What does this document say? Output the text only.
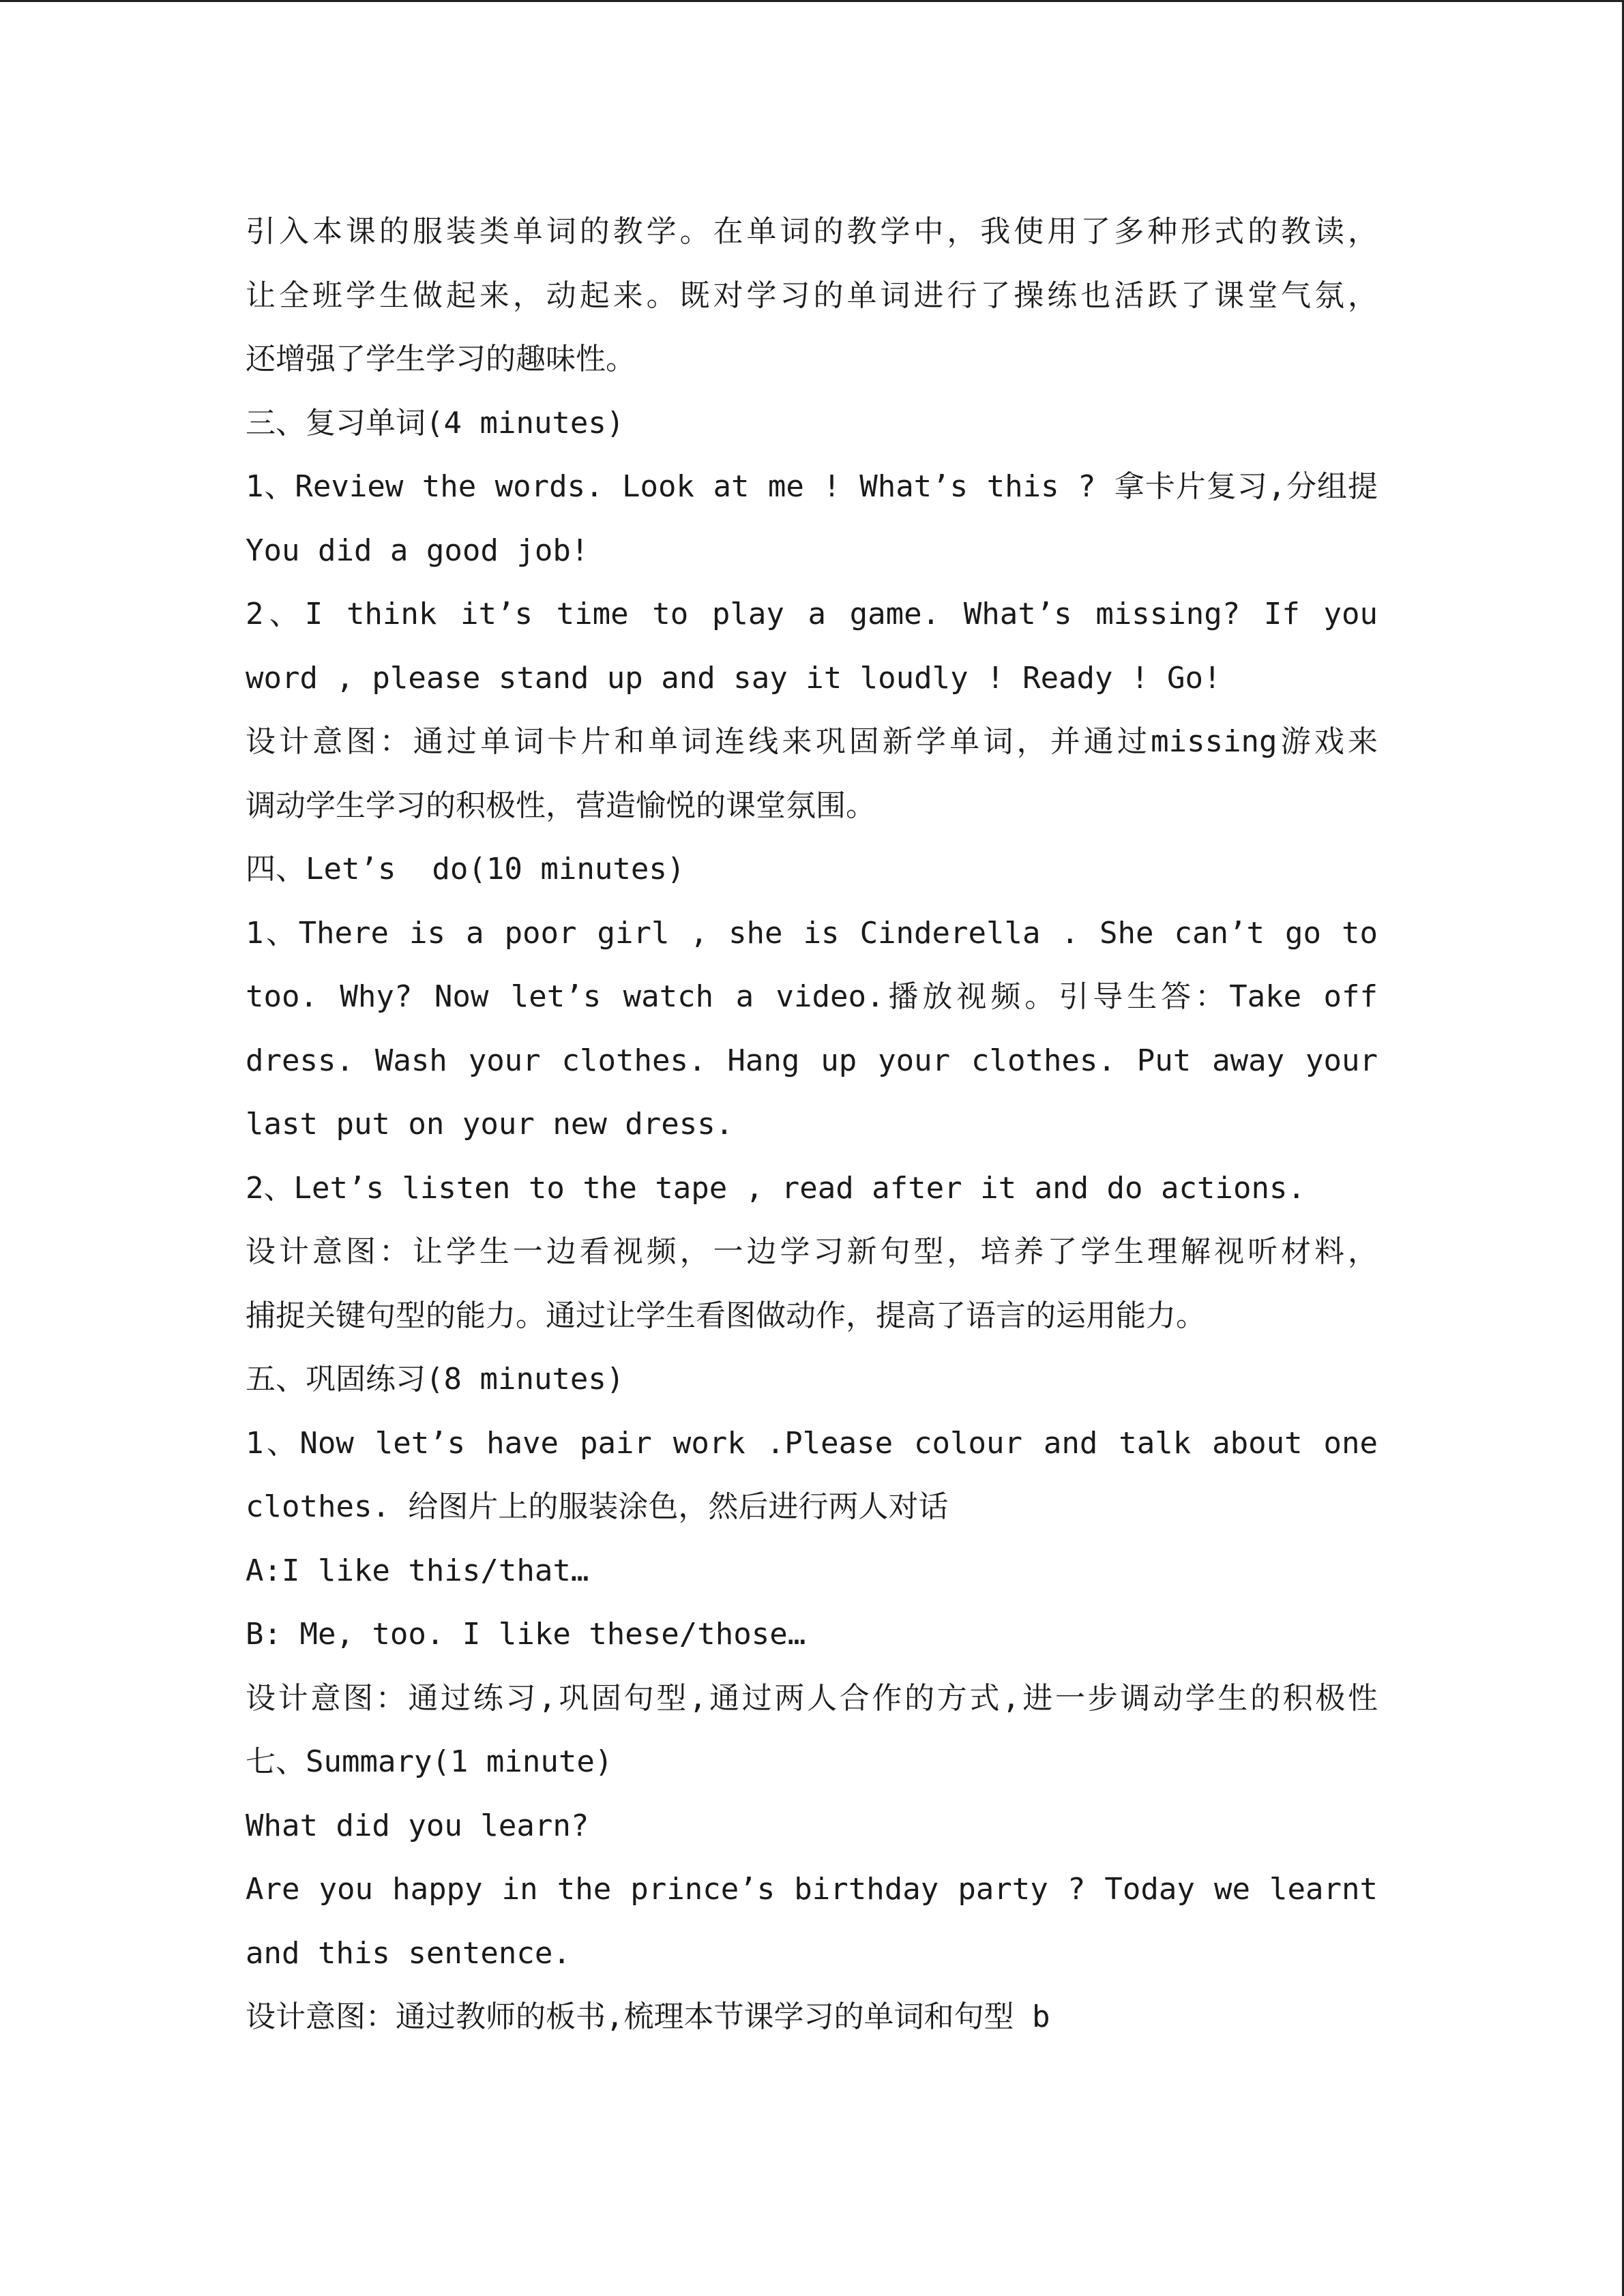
引入本课的服装类单词的教学。在单词的教学中，我使用了多种形式的教读，
让全班学生做起来，动起来。既对学习的单词进行了操练也活跃了课堂气氛，
还增强了学生学习的趣味性。
三、复习单词(4 minutes)
1、Review the words. Look at me ! What’s this ? 拿卡片复习,分组提
You did a good job!
2、I think it’s time to play a game. What’s missing? If you
word , please stand up and say it loudly ! Ready ! Go!
设计意图：通过单词卡片和单词连线来巩固新学单词，并通过missing游戏来
调动学生学习的积极性，营造愉悦的课堂氛围。
四、Let’s  do(10 minutes)
1、There is a poor girl , she is Cinderella . She can’t go to
too. Why? Now let’s watch a video.播放视频。引导生答：Take off
dress. Wash your clothes. Hang up your clothes. Put away your
last put on your new dress.
2、Let’s listen to the tape , read after it and do actions.
设计意图：让学生一边看视频，一边学习新句型，培养了学生理解视听材料，
捕捉关键句型的能力。通过让学生看图做动作，提高了语言的运用能力。
五、巩固练习(8 minutes)
1、Now let’s have pair work .Please colour and talk about one
clothes. 给图片上的服装涂色，然后进行两人对话
A:I like this/that…
B: Me, too. I like these/those…
设计意图：通过练习,巩固句型,通过两人合作的方式,进一步调动学生的积极性
七、Summary(1 minute)
What did you learn?
Are you happy in the prince’s birthday party ? Today we learnt
and this sentence.
设计意图：通过教师的板书,梳理本节课学习的单词和句型 b
